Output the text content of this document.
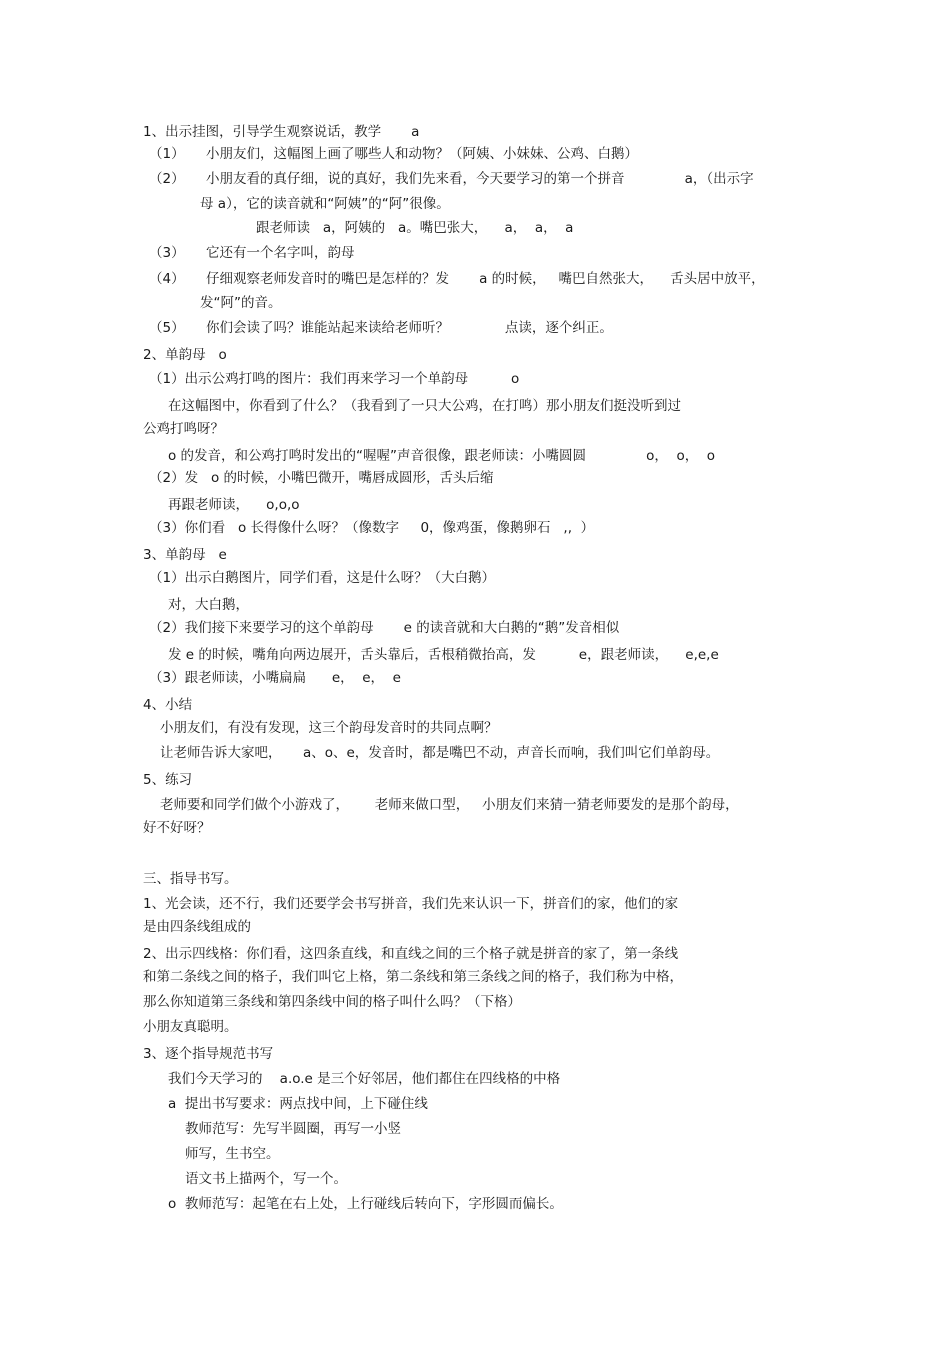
1、出示挂图，引导学生观察说话，教学       a
（1）     小朋友们，这幅图上画了哪些人和动物？（阿姨、小妹妹、公鸡、白鹅）
（2）     小朋友看的真仔细，说的真好，我们先来看，今天要学习的第一个拼音              a，（出示字
母 a），它的读音就和“阿姨”的“阿”很像。
跟老师读   a，阿姨的   a。嘴巴张大，    a，  a，  a
（3）     它还有一个名字叫，韵母
（4）     仔细观察老师发音时的嘴巴是怎样的？发       a 的时候，   嘴巴自然张大，    舌头居中放平，
发“阿”的音。
（5）     你们会读了吗？谁能站起来读给老师听？             点读，逐个纠正。
2、单韵母   o
（1）出示公鸡打鸣的图片：我们再来学习一个单韵母          o
在这幅图中，你看到了什么？（我看到了一只大公鸡，在打鸣）那小朋友们挺没听到过
公鸡打鸣呀？
o 的发音，和公鸡打鸣时发出的“喔喔”声音很像，跟老师读：小嘴圆圆              o，  o，  o
（2）发   o 的时候，小嘴巴微开，嘴唇成圆形，舌头后缩
再跟老师读，    o,o,o
（3）你们看   o 长得像什么呀？（像数字     0，像鸡蛋，像鹅卵石   ,,  ）
3、单韵母   e
（1）出示白鹅图片，同学们看，这是什么呀？（大白鹅）
对，大白鹅，
（2）我们接下来要学习的这个单韵母       e 的读音就和大白鹅的“鹅”发音相似
发 e 的时候，嘴角向两边展开，舌头靠后，舌根稍微抬高，发          e，跟老师读，    e,e,e
（3）跟老师读，小嘴扁扁      e，  e，  e
4、小结
小朋友们，有没有发现，这三个韵母发音时的共同点啊？
让老师告诉大家吧，     a、o、e，发音时，都是嘴巴不动，声音长而响，我们叫它们单韵母。
5、练习
老师要和同学们做个小游戏了，      老师来做口型，   小朋友们来猜一猜老师要发的是那个韵母，
好不好呀？
三、指导书写。
1、光会读，还不行，我们还要学会书写拼音，我们先来认识一下，拼音们的家，他们的家
是由四条线组成的
2、出示四线格：你们看，这四条直线，和直线之间的三个格子就是拼音的家了，第一条线
和第二条线之间的格子，我们叫它上格，第二条线和第三条线之间的格子，我们称为中格，
那么你知道第三条线和第四条线中间的格子叫什么吗？（下格）
小朋友真聪明。
3、逐个指导规范书写
我们今天学习的    a.o.e 是三个好邻居，他们都住在四线格的中格
a  提出书写要求：两点找中间，上下碰住线
教师范写：先写半圆圈，再写一小竖
师写，生书空。
语文书上描两个，写一个。
o  教师范写：起笔在右上处，上行碰线后转向下，字形圆而偏长。
